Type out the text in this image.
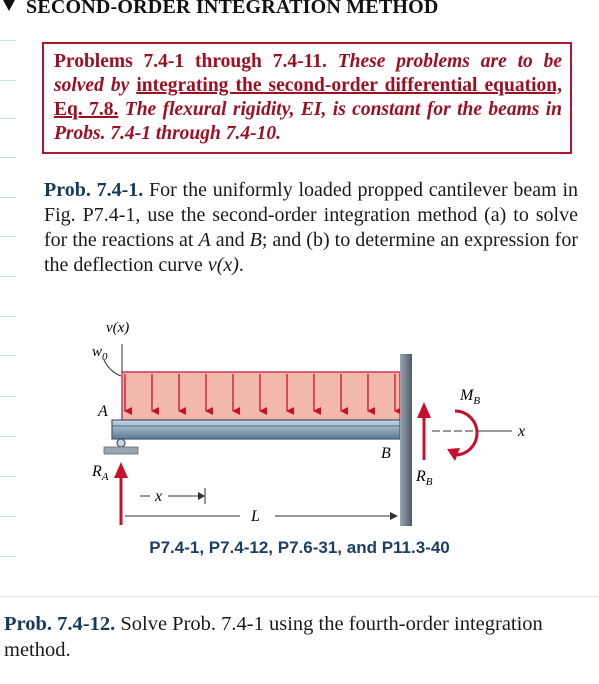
SECOND-ORDER INTEGRATION METHOD

Problems 7.4-1 through 7.4-11. These problems are to be solved by integrating the second-order differential equation, Eq. 7.8. The flexural rigidity, EI, is constant for the beams in Probs. 7.4-1 through 7.4-10.

Prob. 7.4-1. For the uniformly loaded propped cantilever beam in Fig. P7.4-1, use the second-order integration method (a) to solve for the reactions at A and B; and (b) to determine an expression for the deflection curve v(x).

v(x)
$w_0$
A
B
$R_A$
x
L
$R_B$
$M_B$
x

P7.4-1, P7.4-12, P7.6-31, and P11.3-40

Prob. 7.4-12. Solve Prob. 7.4-1 using the fourth-order integration method.
